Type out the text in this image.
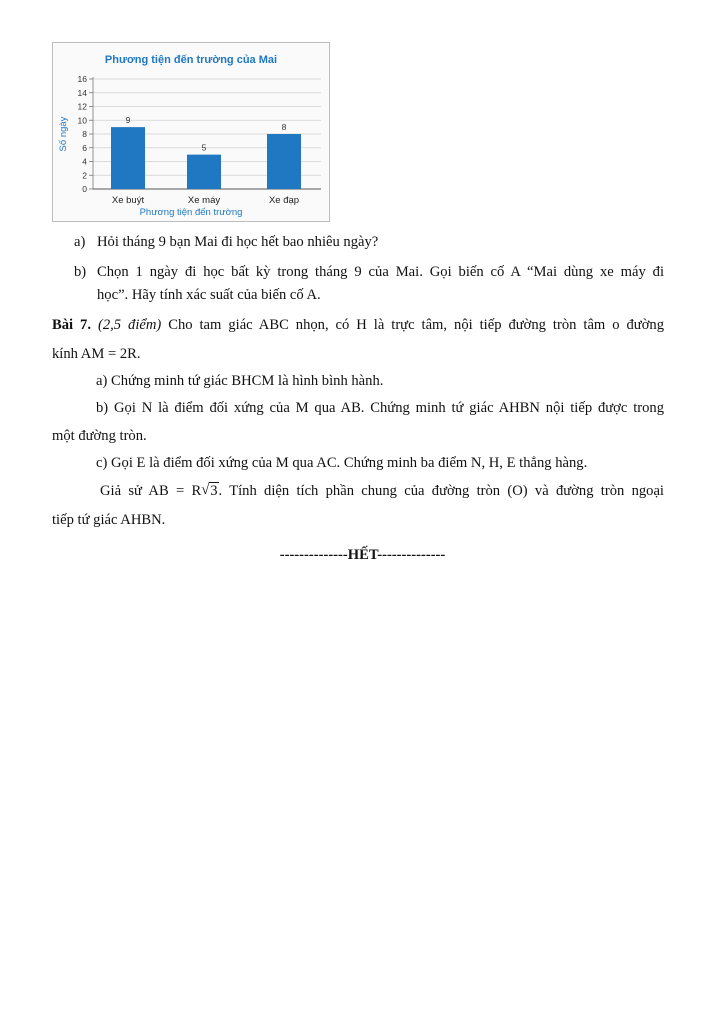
Phương tiện đến trường của Mai
0
2
4
6
8
10
12
14
16
Số ngày	9
Xe buýt
5
Xe máy
8
Xe đạp
Phương tiện đến trường
a) Hỏi tháng 9 bạn Mai đi học hết bao nhiêu ngày?
b) Chọn 1 ngày đi học bất kỳ trong tháng 9 của Mai. Gọi biến cố A “Mai dùng xe máy đi
học”. Hãy tính xác suất của biến cố A.
Bài 7. (2,5 điểm) Cho tam giác ABC nhọn, có H là trực tâm, nội tiếp đường tròn tâm o đường
kính AM = 2R.
a) Chứng minh tứ giác BHCM là hình bình hành.
b) Gọi N là điểm đối xứng của M qua AB. Chứng minh tứ giác AHBN nội tiếp được trong
một đường tròn.
c) Gọi E là điểm đối xứng của M qua AC. Chứng minh ba điểm N, H, E thẳng hàng.
Giả sử AB = R √ 3. Tính diện tích phần chung của đường tròn (O) và đường tròn ngoại
tiếp tứ giác AHBN.
--------------HẾT--------------
